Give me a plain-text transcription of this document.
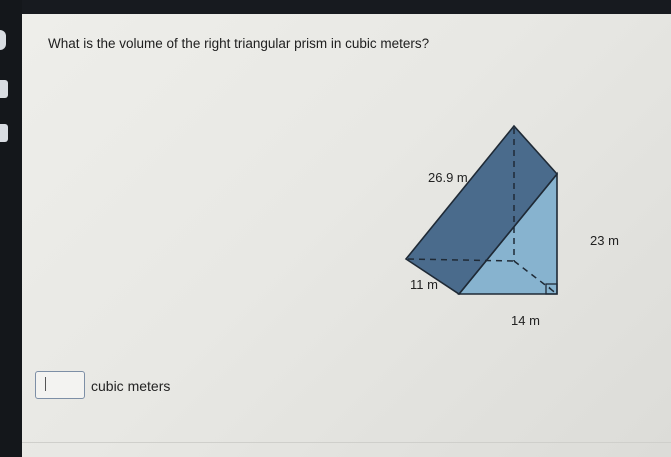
What is the volume of the right triangular prism in cubic meters?
26.9 m
23 m
11 m
14 m
cubic meters
